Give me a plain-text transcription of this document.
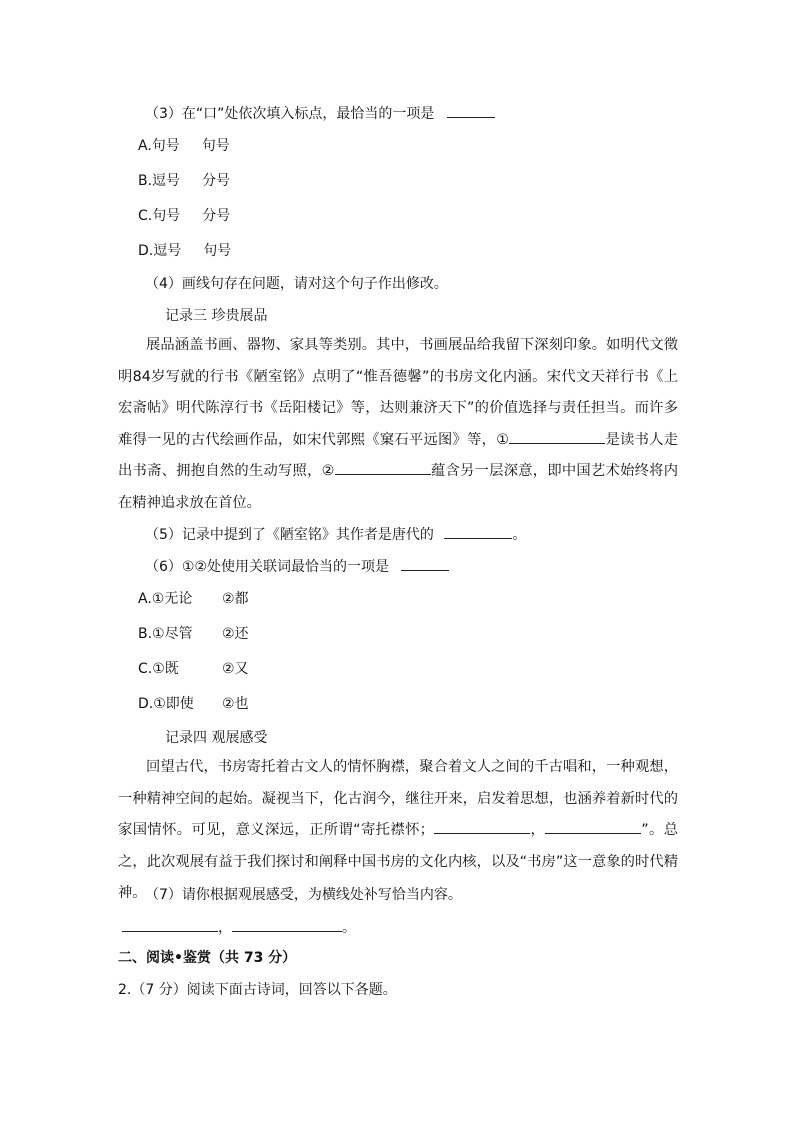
（3）在“口”处依次填入标点，最恰当的一项是
A.句号 句号
B.逗号 分号
C.句号 分号
D.逗号 句号
（4）画线句存在问题，请对这个句子作出修改。
记录三 珍贵展品

展品涵盖书画、器物、家具等类别。其中，书画展品给我留下深刻印象。如明代文徵明84岁写就的行书《陋室铭》点明了“惟吾德馨”的书房文化内涵。宋代文天祥行书《上宏斋帖》明代陈淳行书《岳阳楼记》等，达则兼济天下”的价值选择与责任担当。而许多难得一见的古代绘画作品，如宋代郭熙《窠石平远图》等，①	是读书人走出书斋、拥抱自然的生动写照，②	蕴含另一层深意，即中国艺术始终将内在精神追求放在首位。

（5）记录中提到了《陋室铭》其作者是唐代的	。
（6）①②处使用关联词最恰当的一项是
A.①无论 ②都
B.①尽管 ②还
C.①既	②又
D.①即使 ②也
记录四 观展感受

回望古代，书房寄托着古文人的情怀胸襟，聚合着文人之间的千古唱和，一种观想，一种精神空间的起始。凝视当下，化古润今，继往开来，启发着思想，也涵养着新时代的家国情怀。可见，意义深远，正所谓“寄托襟怀；	，	”。总之，此次观展有益于我们探讨和阐释中国书房的文化内核，以及“书房”这一意象的时代精神。

（7）请你根据观展感受，为横线处补写恰当内容。
，	。
二、阅读•鉴赏（共 73 分）
2.（7 分）阅读下面古诗词，回答以下各题。
